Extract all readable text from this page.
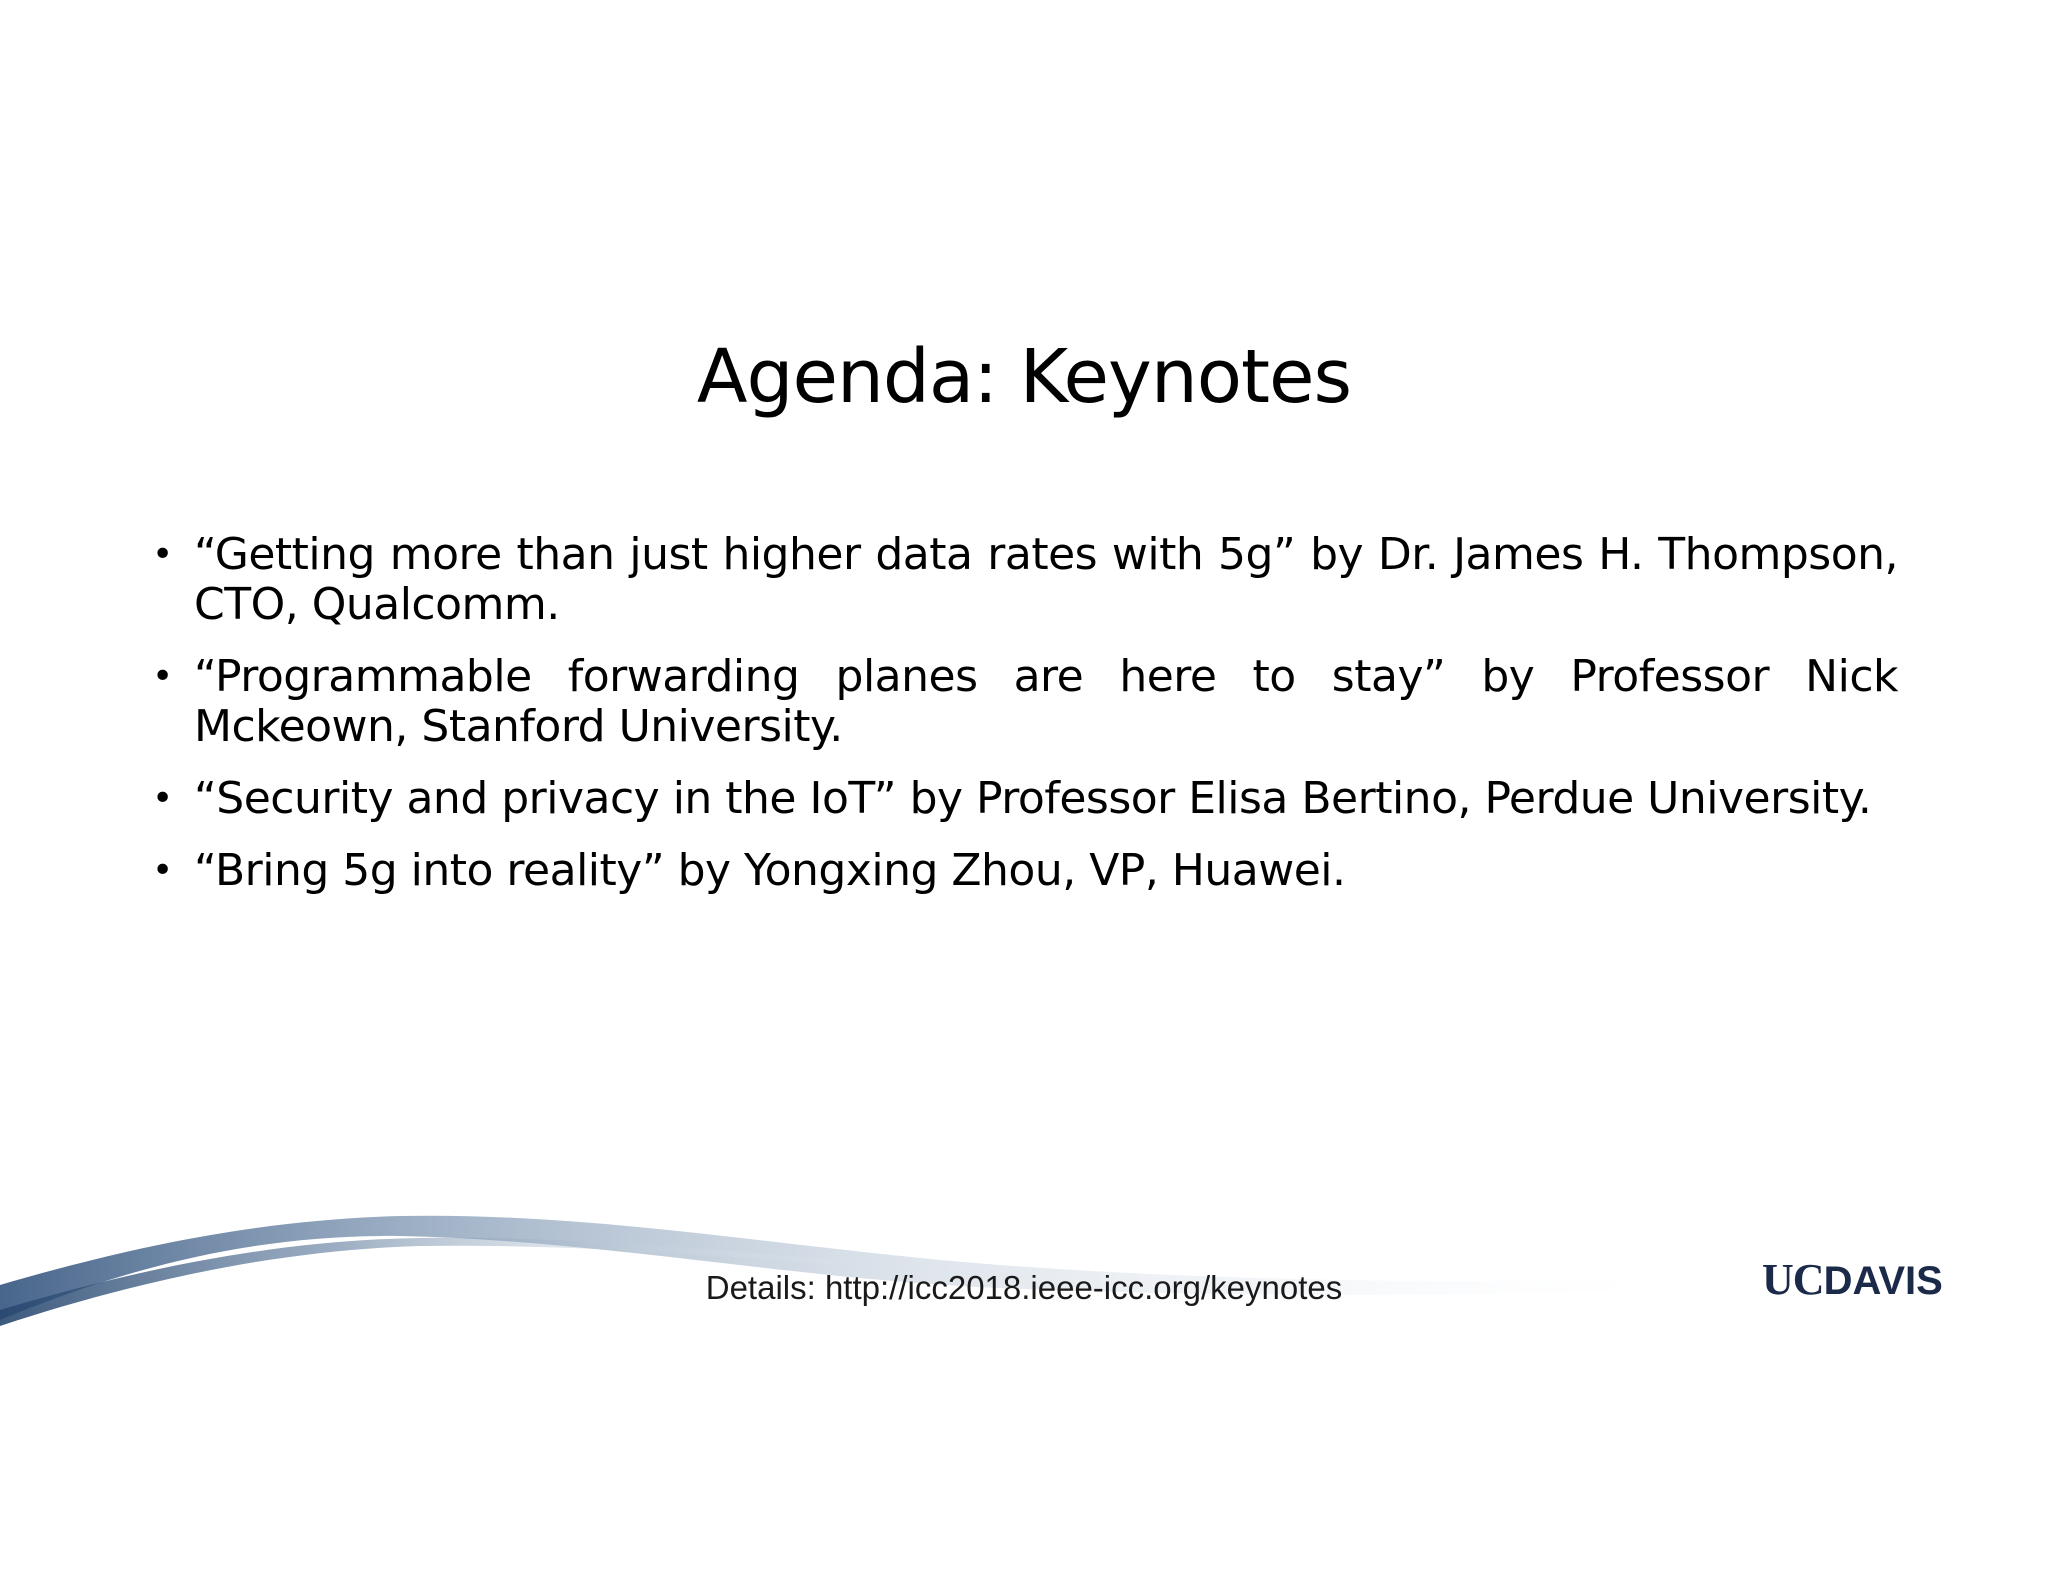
Agenda: Keynotes
• “Getting more than just higher data rates with 5g” by Dr. James H. Thompson, CTO, Qualcomm.
• “Programmable forwarding planes are here to stay” by Professor Nick Mckeown, Stanford University.
• “Security and privacy in the IoT” by Professor Elisa Bertino, Perdue University.
• “Bring 5g into reality” by Yongxing Zhou, VP, Huawei.
Details: http://icc2018.ieee-icc.org/keynotes	UCDAVIS
